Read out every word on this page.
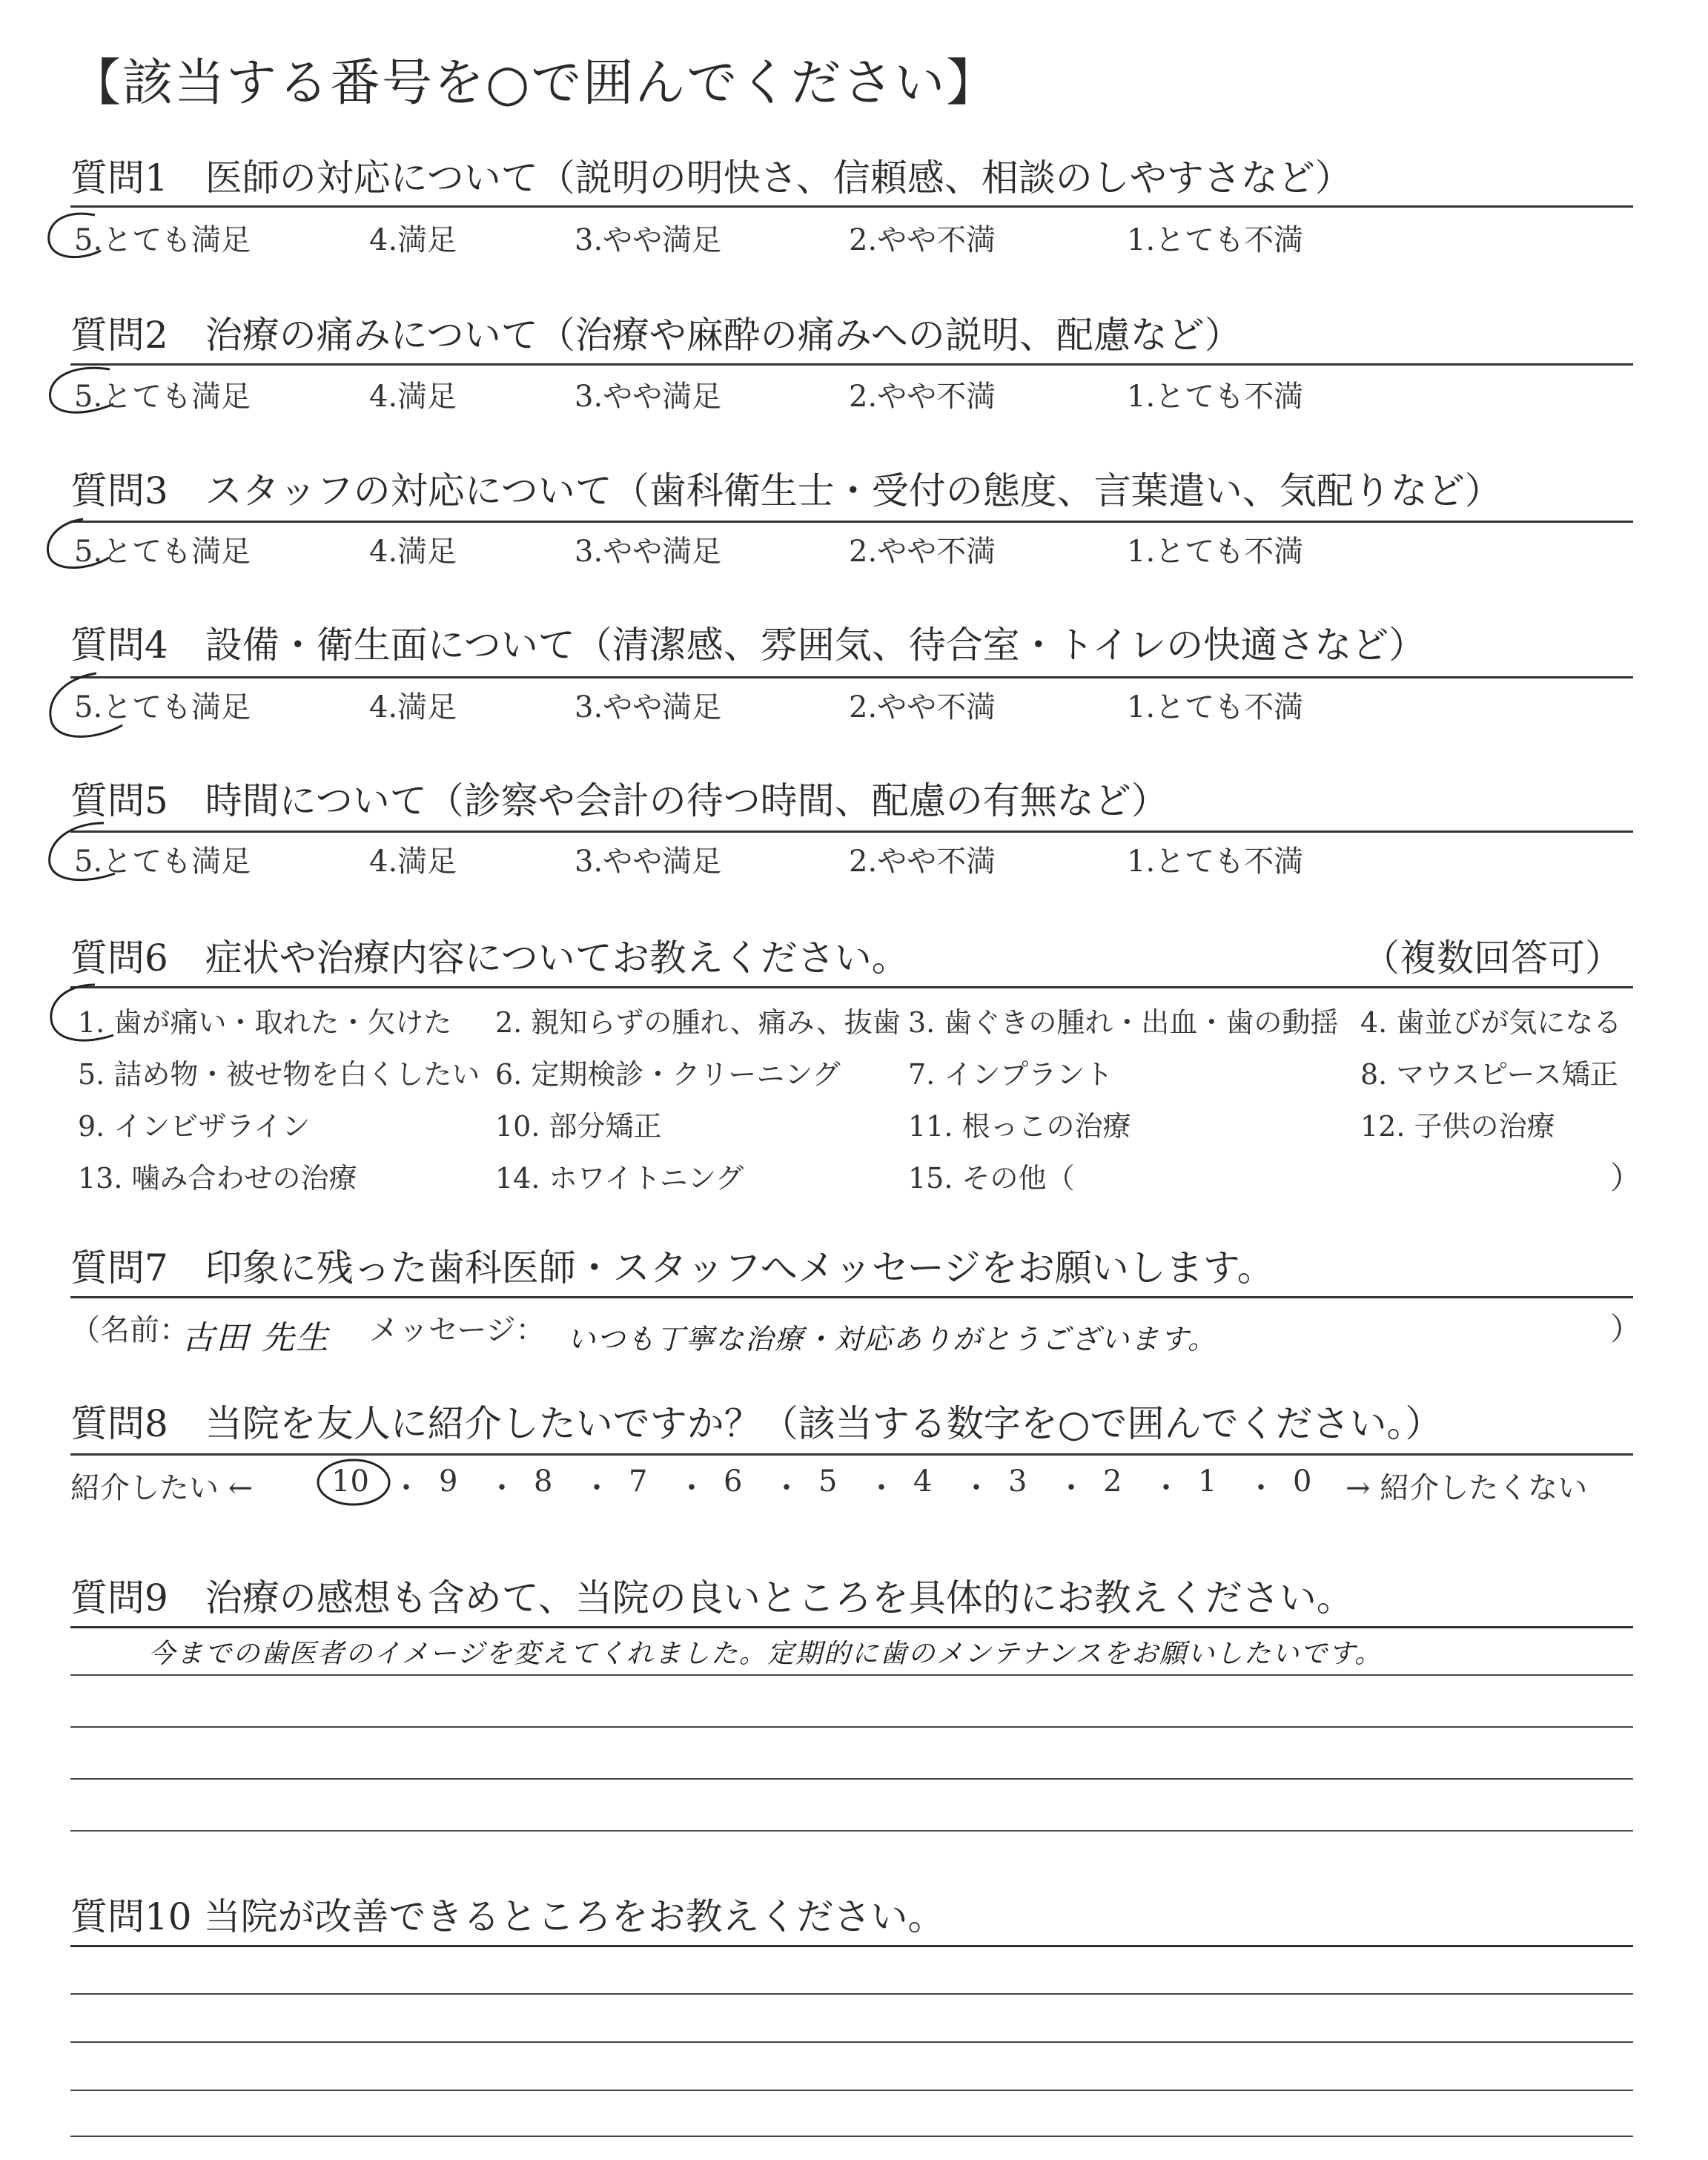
【該当する番号を○で囲んでください】
質問1　医師の対応について（説明の明快さ、信頼感、相談のしやすさなど）
5.とても満足	4.満足	3.やや満足	2.やや不満	1.とても不満
質問2　治療の痛みについて（治療や麻酔の痛みへの説明、配慮など）
5.とても満足	4.満足	3.やや満足	2.やや不満	1.とても不満
質問3　スタッフの対応について（歯科衛生士・受付の態度、言葉遣い、気配りなど）
5.とても満足	4.満足	3.やや満足	2.やや不満	1.とても不満
質問4　設備・衛生面について（清潔感、雰囲気、待合室・トイレの快適さなど）
5.とても満足	4.満足	3.やや満足	2.やや不満	1.とても不満
質問5　時間について（診察や会計の待つ時間、配慮の有無など）
5.とても満足	4.満足	3.やや満足	2.やや不満	1.とても不満
質問6　症状や治療内容についてお教えください。	（複数回答可）
1. 歯が痛い・取れた・欠けた 2. 親知らずの腫れ、痛み、抜歯 3. 歯ぐきの腫れ・出血・歯の動揺 4. 歯並びが気になる
5. 詰め物・被せ物を白くしたい 6. 定期検診・クリーニング 7. インプラント	8. マウスピース矯正
9. インビザライン	10. 部分矯正	11. 根っこの治療	12. 子供の治療
13. 噛み合わせの治療	14. ホワイトニング	15. その他（	）
質問7　印象に残った歯科医師・スタッフへメッセージをお願いします。
（名前：
古田 先生 メッセージ： いつも丁寧な治療・対応ありがとうございます。	）
質問8　当院を友人に紹介したいですか？（該当する数字を○で囲んでください。）
紹介したい ←	10 ・ 9 ・ 8 ・ 7 ・ 6 ・ 5 ・ 4 ・ 3 ・ 2 ・ 1 ・ 0 → 紹介したくない
質問9　治療の感想も含めて、当院の良いところを具体的にお教えください。
今までの歯医者のイメージを変えてくれました。定期的に歯のメンテナンスをお願いしたいです。
質問10 当院が改善できるところをお教えください。
